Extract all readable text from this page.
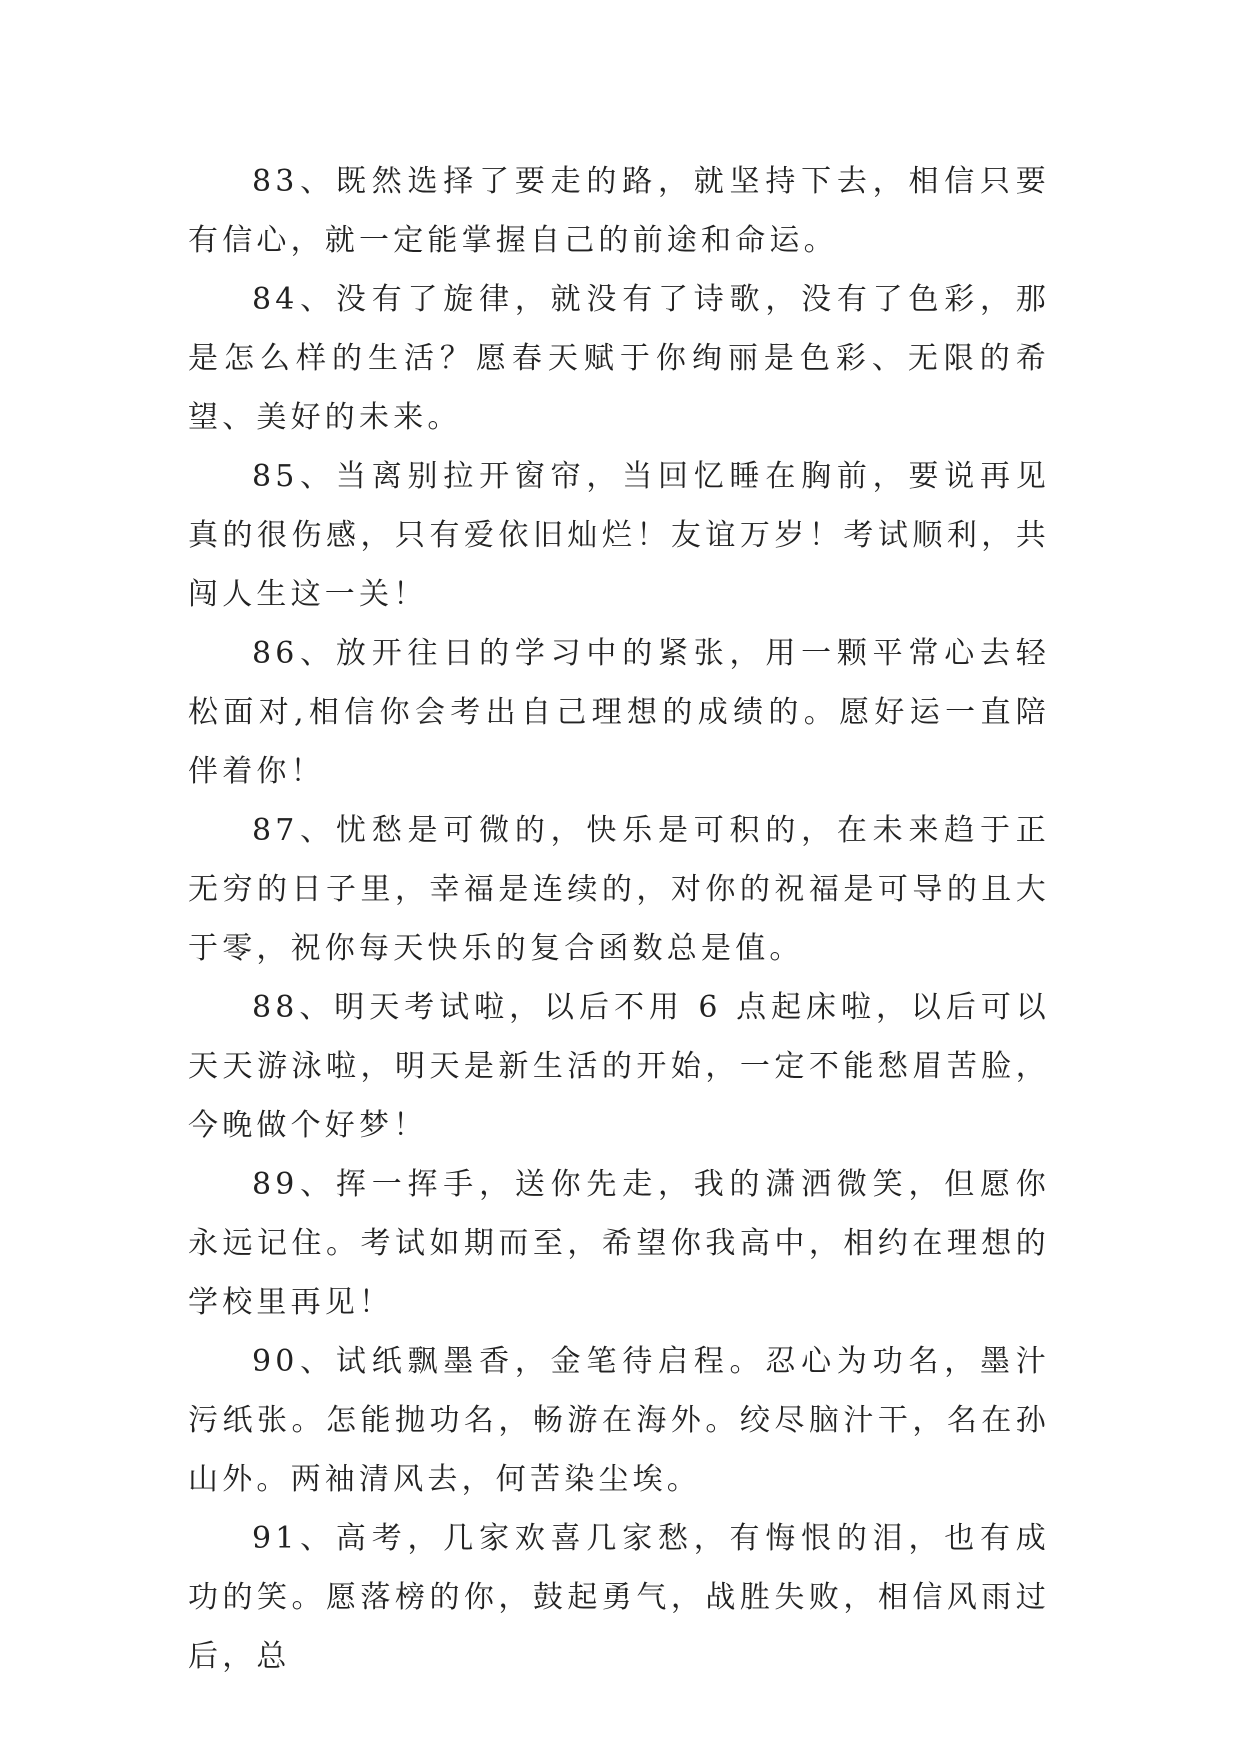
83、既然选择了要走的路，就坚持下去，相信只要有信心，就一定能掌握自己的前途和命运。

84、没有了旋律，就没有了诗歌，没有了色彩，那是怎么样的生活？愿春天赋于你绚丽是色彩、无限的希望、美好的未来。

85、当离别拉开窗帘，当回忆睡在胸前，要说再见真的很伤感，只有爱依旧灿烂！友谊万岁！考试顺利，共闯人生这一关！

86、放开往日的学习中的紧张，用一颗平常心去轻松面对,相信你会考出自己理想的成绩的。愿好运一直陪伴着你！

87、忧愁是可微的，快乐是可积的，在未来趋于正无穷的日子里，幸福是连续的，对你的祝福是可导的且大于零，祝你每天快乐的复合函数总是值。

88、明天考试啦，以后不用 6 点起床啦，以后可以天天游泳啦，明天是新生活的开始，一定不能愁眉苦脸，今晚做个好梦！

89、挥一挥手，送你先走，我的潇洒微笑，但愿你永远记住。考试如期而至，希望你我高中，相约在理想的学校里再见！

90、试纸飘墨香，金笔待启程。忍心为功名，墨汁污纸张。怎能抛功名，畅游在海外。绞尽脑汁干，名在孙山外。两袖清风去，何苦染尘埃。

91、高考，几家欢喜几家愁，有悔恨的泪，也有成功的笑。愿落榜的你，鼓起勇气，战胜失败，相信风雨过后，总
